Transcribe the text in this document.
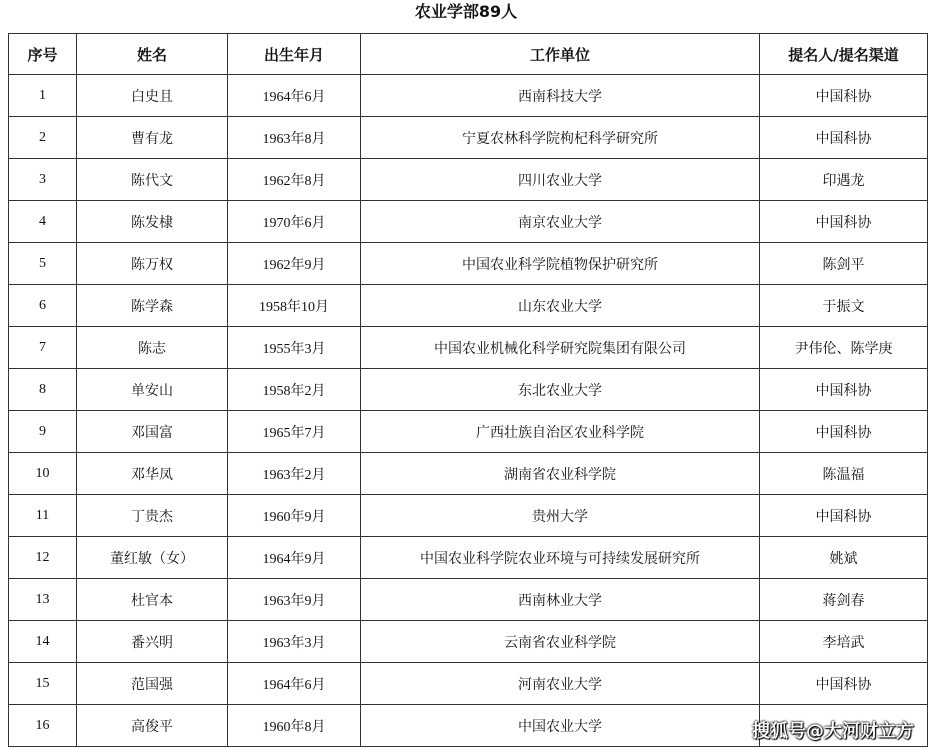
农业学部89人
序号	姓名	出生年月	工作单位	提名人/提名渠道
1	白史且	1964年6月	西南科技大学	中国科协
2	曹有龙	1963年8月	宁夏农林科学院枸杞科学研究所	中国科协
3	陈代文	1962年8月	四川农业大学	印遇龙
4	陈发棣	1970年6月	南京农业大学	中国科协
5	陈万权	1962年9月	中国农业科学院植物保护研究所	陈剑平
6	陈学森	1958年10月	山东农业大学	于振文
7	陈志	1955年3月	中国农业机械化科学研究院集团有限公司	尹伟伦、陈学庚
8	单安山	1958年2月	东北农业大学	中国科协
9	邓国富	1965年7月	广西壮族自治区农业科学院	中国科协
10	邓华凤	1963年2月	湖南省农业科学院	陈温福
11	丁贵杰	1960年9月	贵州大学	中国科协
12	董红敏（女）	1964年9月	中国农业科学院农业环境与可持续发展研究所	姚斌
13	杜官本	1963年9月	西南林业大学	蒋剑春
14	番兴明	1963年3月	云南省农业科学院	李培武
15	范国强	1964年6月	河南农业大学	中国科协
16	高俊平	1960年8月	中国农业大学		搜狐号@大河财立方
